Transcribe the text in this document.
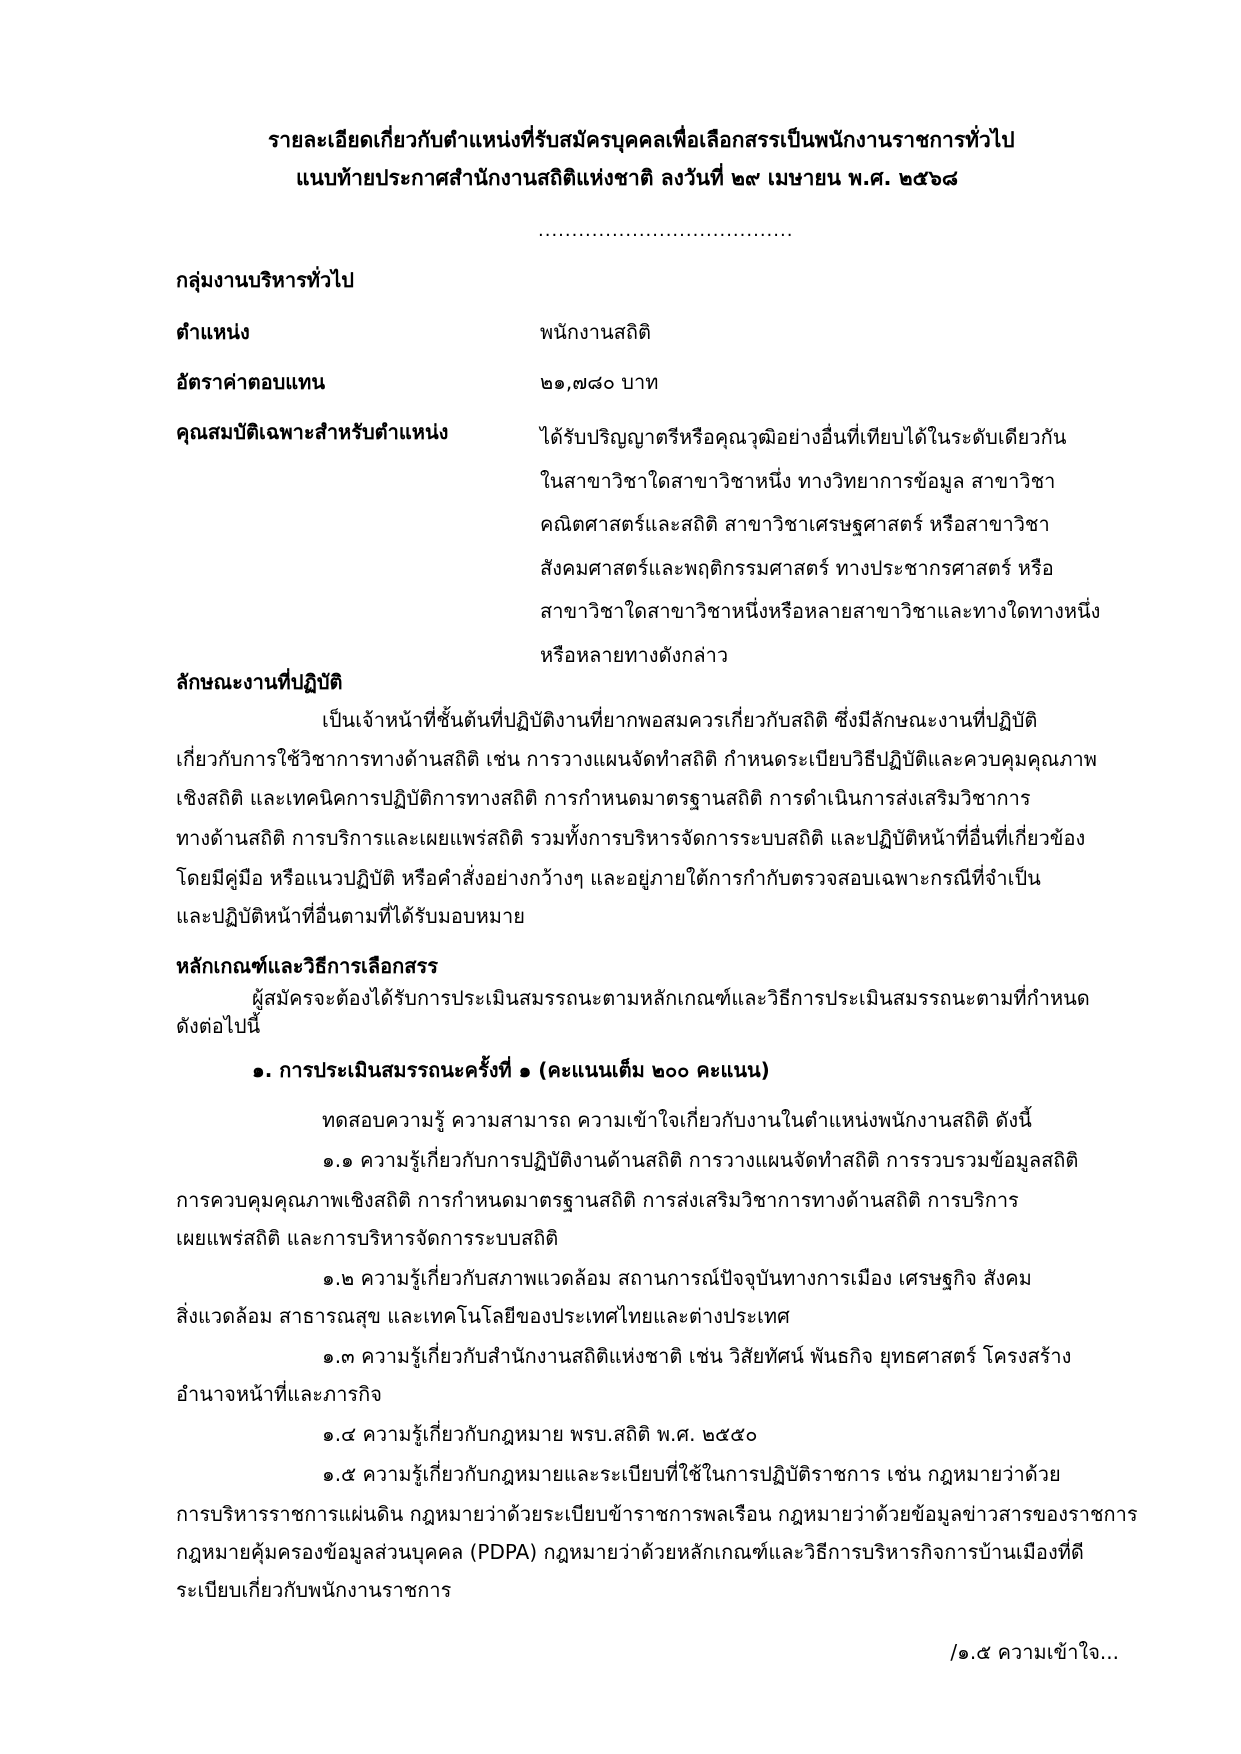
รายละเอียดเกี่ยวกับตำแหน่งที่รับสมัครบุคคลเพื่อเลือกสรรเป็นพนักงานราชการทั่วไป
แนบท้ายประกาศสำนักงานสถิติแห่งชาติ ลงวันที่ ๒๙ เมษายน พ.ศ. ๒๕๖๘
......................................
กลุ่มงานบริหารทั่วไป
ตำแหน่ง	พนักงานสถิติ
อัตราค่าตอบแทน	๒๑,๗๘๐ บาท
คุณสมบัติเฉพาะสำหรับตำแหน่ง	ได้รับปริญญาตรีหรือคุณวุฒิอย่างอื่นที่เทียบได้ในระดับเดียวกัน
ในสาขาวิชาใดสาขาวิชาหนึ่ง ทางวิทยาการข้อมูล สาขาวิชา
คณิตศาสตร์และสถิติ สาขาวิชาเศรษฐศาสตร์ หรือสาขาวิชา
สังคมศาสตร์และพฤติกรรมศาสตร์ ทางประชากรศาสตร์ หรือ
สาขาวิชาใดสาขาวิชาหนึ่งหรือหลายสาขาวิชาและทางใดทางหนึ่ง
หรือหลายทางดังกล่าว
ลักษณะงานที่ปฏิบัติ
เป็นเจ้าหน้าที่ชั้นต้นที่ปฏิบัติงานที่ยากพอสมควรเกี่ยวกับสถิติ ซึ่งมีลักษณะงานที่ปฏิบัติ
เกี่ยวกับการใช้วิชาการทางด้านสถิติ เช่น การวางแผนจัดทำสถิติ กำหนดระเบียบวิธีปฏิบัติและควบคุมคุณภาพ
เชิงสถิติ และเทคนิคการปฏิบัติการทางสถิติ การกำหนดมาตรฐานสถิติ การดำเนินการส่งเสริมวิชาการ
ทางด้านสถิติ การบริการและเผยแพร่สถิติ รวมทั้งการบริหารจัดการระบบสถิติ และปฏิบัติหน้าที่อื่นที่เกี่ยวข้อง
โดยมีคู่มือ หรือแนวปฏิบัติ หรือคำสั่งอย่างกว้างๆ และอยู่ภายใต้การกำกับตรวจสอบเฉพาะกรณีที่จำเป็น
และปฏิบัติหน้าที่อื่นตามที่ได้รับมอบหมาย
หลักเกณฑ์และวิธีการเลือกสรร
ผู้สมัครจะต้องได้รับการประเมินสมรรถนะตามหลักเกณฑ์และวิธีการประเมินสมรรถนะตามที่กำหนด
ดังต่อไปนี้
๑. การประเมินสมรรถนะครั้งที่ ๑ (คะแนนเต็ม ๒๐๐ คะแนน)
ทดสอบความรู้ ความสามารถ ความเข้าใจเกี่ยวกับงานในตำแหน่งพนักงานสถิติ ดังนี้
๑.๑ ความรู้เกี่ยวกับการปฏิบัติงานด้านสถิติ การวางแผนจัดทำสถิติ การรวบรวมข้อมูลสถิติ
การควบคุมคุณภาพเชิงสถิติ การกำหนดมาตรฐานสถิติ การส่งเสริมวิชาการทางด้านสถิติ การบริการ
เผยแพร่สถิติ และการบริหารจัดการระบบสถิติ
๑.๒ ความรู้เกี่ยวกับสภาพแวดล้อม สถานการณ์ปัจจุบันทางการเมือง เศรษฐกิจ สังคม
สิ่งแวดล้อม สาธารณสุข และเทคโนโลยีของประเทศไทยและต่างประเทศ
๑.๓ ความรู้เกี่ยวกับสำนักงานสถิติแห่งชาติ เช่น วิสัยทัศน์ พันธกิจ ยุทธศาสตร์ โครงสร้าง
อำนาจหน้าที่และภารกิจ
๑.๔ ความรู้เกี่ยวกับกฎหมาย พรบ.สถิติ พ.ศ. ๒๕๕๐
๑.๕ ความรู้เกี่ยวกับกฎหมายและระเบียบที่ใช้ในการปฏิบัติราชการ เช่น กฎหมายว่าด้วย
การบริหารราชการแผ่นดิน กฎหมายว่าด้วยระเบียบข้าราชการพลเรือน กฎหมายว่าด้วยข้อมูลข่าวสารของราชการ
กฎหมายคุ้มครองข้อมูลส่วนบุคคล (PDPA) กฎหมายว่าด้วยหลักเกณฑ์และวิธีการบริหารกิจการบ้านเมืองที่ดี
ระเบียบเกี่ยวกับพนักงานราชการ
/๑.๕ ความเข้าใจ...
